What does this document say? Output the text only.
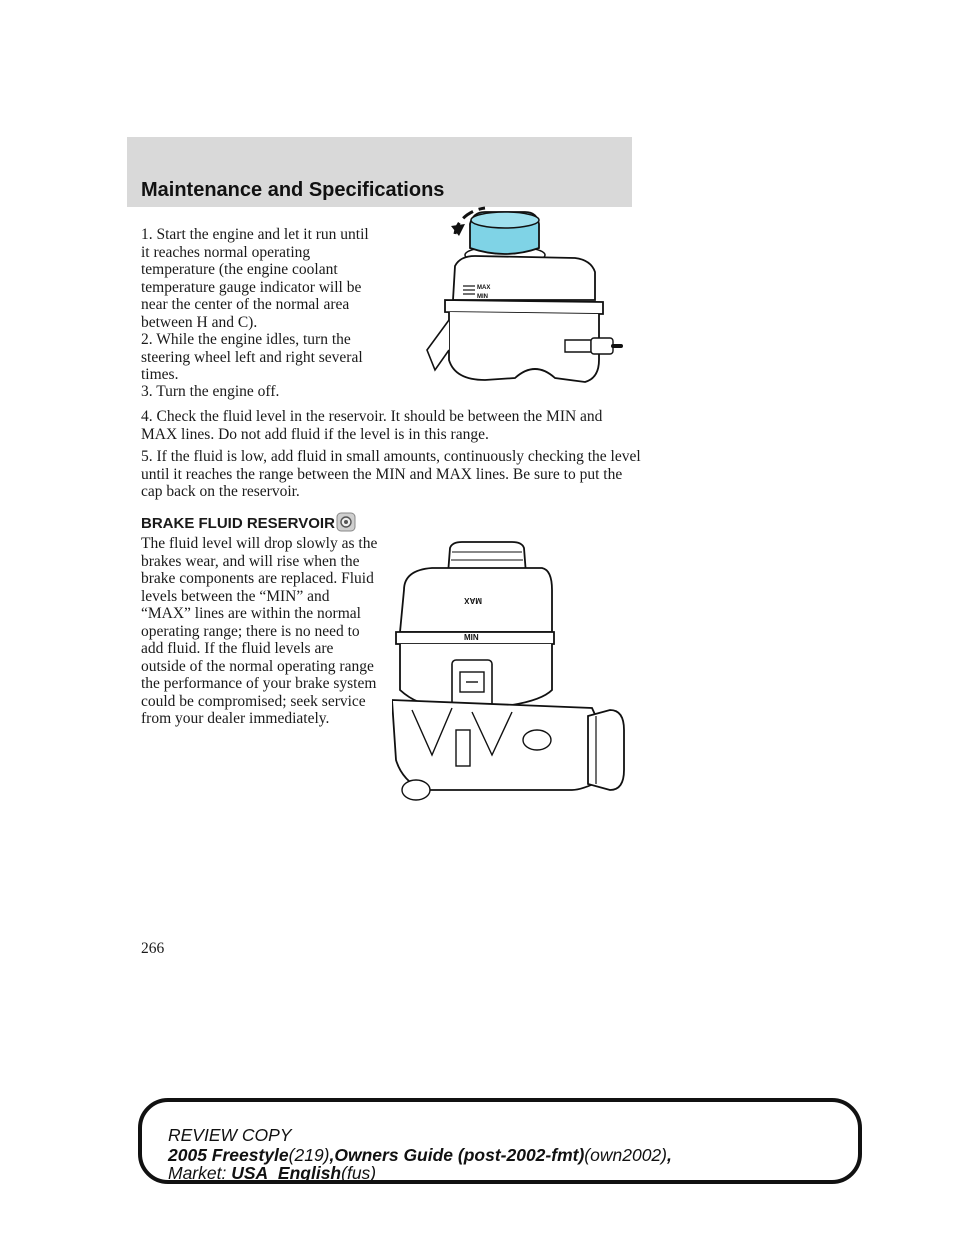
Maintenance and Specifications

1. Start the engine and let it run until it reaches normal operating temperature (the engine coolant temperature gauge indicator will be near the center of the normal area between H and C).

2. While the engine idles, turn the steering wheel left and right several times.

3. Turn the engine off.

4. Check the fluid level in the reservoir. It should be between the MIN and MAX lines. Do not add fluid if the level is in this range.

5. If the fluid is low, add fluid in small amounts, continuously checking the level until it reaches the range between the MIN and MAX lines. Be sure to put the cap back on the reservoir.

BRAKE FLUID RESERVOIR

The fluid level will drop slowly as the brakes wear, and will rise when the brake components are replaced. Fluid levels between the “MIN” and “MAX” lines are within the normal operating range; there is no need to add fluid. If the fluid levels are outside of the normal operating range the performance of your brake system could be compromised; seek service from your dealer immediately.

MAX
MIN
MAX
MIN
266
REVIEW COPY
2005 Freestyle(219),Owners Guide (post-2002-fmt)(own2002),
Market: USA_English(fus)
